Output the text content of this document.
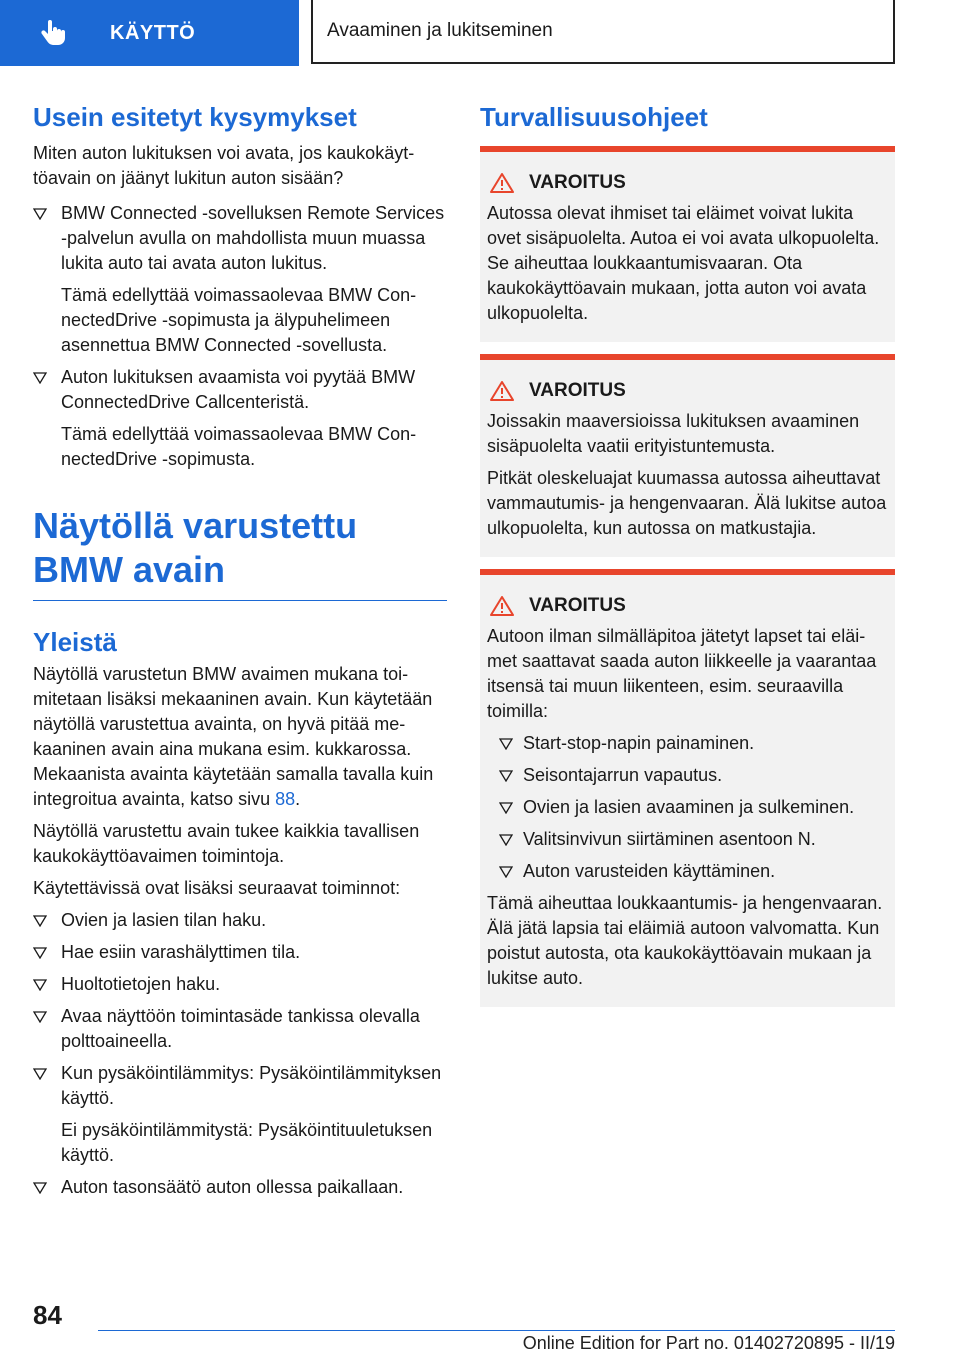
KÄYTTÖ	Avaaminen ja lukitseminen
Usein esitetyt kysymykset

Miten auton lukituksen voi avata, jos kaukokäyttöavain on jäänyt lukitun auton sisään?

BMW Connected -sovelluksen Remote Services -palvelun avulla on mahdollista muun muassa lukita auto tai avata auton lukitus.
Tämä edellyttää voimassaolevaa BMW ConnectedDrive -sopimusta ja älypuhelimeen asennettua BMW Connected -sovellusta.
Auton lukituksen avaamista voi pyytää BMW ConnectedDrive Callcenteristä.
Tämä edellyttää voimassaolevaa BMW ConnectedDrive -sopimusta.
Näytöllä varustettu BMW avain
Yleistä

Näytöllä varustetun BMW avaimen mukana toimitetaan lisäksi mekaaninen avain. Kun käytetään näytöllä varustettua avainta, on hyvä pitää mekaaninen avain aina mukana esim. kukkarossa. Mekaanista avainta käytetään samalla tavalla kuin integroitua avainta, katso sivu 88.

Näytöllä varustettu avain tukee kaikkia tavallisen kaukokäyttöavaimen toimintoja.

Käytettävissä ovat lisäksi seuraavat toiminnot:

Ovien ja lasien tilan haku.
Hae esiin varashälyttimen tila.
Huoltotietojen haku.
Avaa näyttöön toimintasäde tankissa olevalla polttoaineella.
Kun pysäköintilämmitys: Pysäköintilämmityksen käyttö.
Ei pysäköintilämmitystä: Pysäköintituuletuksen käyttö.
Auton tasonsäätö auton ollessa paikallaan.
Turvallisuusohjeet
VAROITUS

Autossa olevat ihmiset tai eläimet voivat lukita ovet sisäpuolelta. Autoa ei voi avata ulkopuolelta. Se aiheuttaa loukkaantumisvaaran. Ota kaukokäyttöavain mukaan, jotta auton voi avata ulkopuolelta.

VAROITUS

Joissakin maaversioissa lukituksen avaaminen sisäpuolelta vaatii erityistuntemusta.

Pitkät oleskeluajat kuumassa autossa aiheuttavat vammautumis- ja hengenvaaran. Älä lukitse autoa ulkopuolelta, kun autossa on matkustajia.

VAROITUS

Autoon ilman silmälläpitoa jätetyt lapset tai eläimet saattavat saada auton liikkeelle ja vaarantaa itsensä tai muun liikenteen, esim. seuraavilla toimilla:

Start-stop-napin painaminen.
Seisontajarrun vapautus.
Ovien ja lasien avaaminen ja sulkeminen.
Valitsinvivun siirtäminen asentoon N.
Auton varusteiden käyttäminen.

Tämä aiheuttaa loukkaantumis- ja hengenvaaran. Älä jätä lapsia tai eläimiä autoon valvomatta. Kun poistut autosta, ota kaukokäyttöavain mukaan ja lukitse auto.

84
Online Edition for Part no. 01402720895 - II/19
